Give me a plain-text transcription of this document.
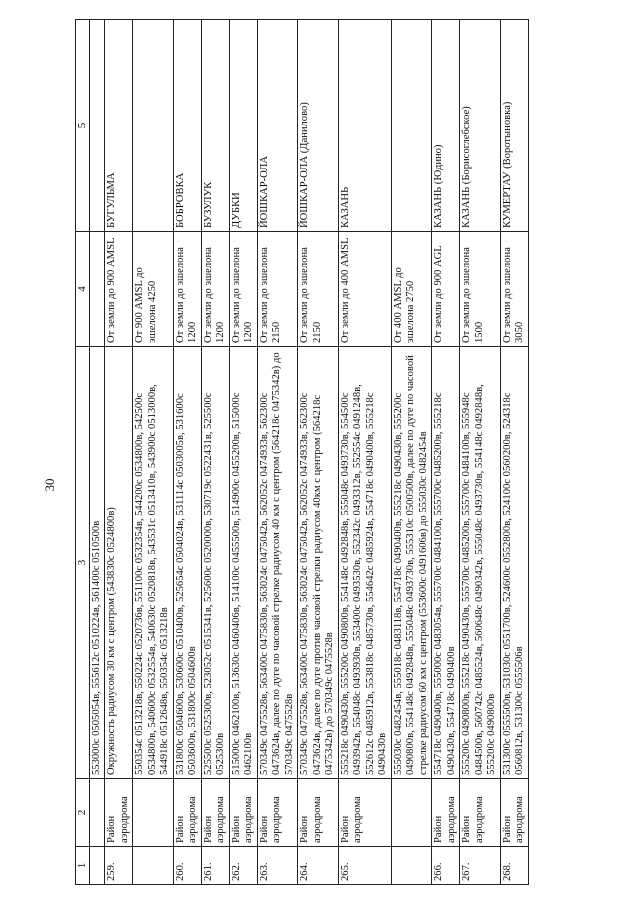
30
1	2	3	4	5
		553000с 0505054в, 555612с 0510224в, 561400с 0510500в		
259.	Район аэродрома	Окружность радиусом 30 км с центром (543830с 0524800в)	От земли до 900 AMSL	БУГУЛЬМА
		550354с 0513218в, 550224с 0520736в, 551100с 0532354в, 544200с 0534800в, 542500с 0534800в, 540600с 0532554в, 540630с 0520818в, 543531с 0513410в, 543900с 0513000в, 544918с 0512648в, 550354с 0513218в	От 900 AMSL до эшелона 4250	
260.	Район аэродрома	531800с 0504600в, 530600с 0510400в, 525654с 0504024в, 531114с 0503005в, 531600с 0503600в, 531800с 0504600в	От земли до эшелона 1200	БОБРОВКА
261.	Район аэродрома	525500с 0525300в, 523052с 0515341в, 525600с 0520000в, 530719с 0522431в, 525500с 0525300в	От земли до эшелона 1200	БУЗУЛУК
262.	Район аэродрома	515000с 0462100в, 513630с 0460406в, 514100с 0455500в, 514900с 0455200в, 515000с 0462100в	От земли до эшелона 1200	ДУБКИ
263.	Район аэродрома	570349с 0475528в, 563400с 0475830в, 563024с 0475042в, 562052с 0474933в, 562300с 0473624в, далее по дуге по часовой стрелке радиусом 40 км с центром (564218с 0475342в) до 570349с 0475528в	От земли до эшелона 2150	ЙОШКАР-ОЛА
264.	Район аэродрома	570349с 0475528в, 563400с 0475830в, 563024с 0475042в, 562052с 0474933в, 562300с 0473624в, далее по дуге против часовой стрелки радиусом 40км с центром (564218с 0475342в) до 570349с 0475528в	От земли до эшелона 2150	ЙОШКАР-ОЛА (Данилово)
265.	Район аэродрома	555218с 0490430в, 555200с 0490800в, 554148с 0492848в, 555048с 0493730в, 554500с 0493942в, 554048с 0493930в, 553400с 0493530в, 552342с 0493312в, 552554с 0491248в, 552612с 0485912в, 553818с 0485730в, 554642с 0485924в, 554718с 0490400в, 555218с 0490430в	От земли до 400 AMSL	КАЗАНЬ
		555030с 0482454в, 555018с 0483118в, 554718с 0490400в, 555218с 0490430в, 555200с 0490800в, 554148с 0492848в, 555048с 0493730в, 555310с 0500500в, далее по дуге по часовой стрелке радиусом 60 км с центром (553600с 0491606в) до 555030с 0482454в	От 400 AMSL до эшелона 2750	
266.	Район аэродрома	554718с 0490400в, 555000с 0483054в, 555700с 0484100в, 555700с 0485200в, 555218с 0490430в, 554718с 0490400в	От земли до 900 AGL	КАЗАНЬ (Юдино)
267.	Район аэродрома	555200с 0490800в, 555218с 0490430в, 555700с 0485200в, 555700с 0484100в, 555948с 0484500в, 560742с 0485524в, 560648с 0490342в, 555048с 0493730в, 554148с 0492848в, 555200с 0490800в	От земли до эшелона 1500	КАЗАНЬ (Борисоглебское)
268.	Район аэродрома	531300с 0555500в, 531030с 0551700в, 524600с 0552800в, 524100с 0560200в, 524318с 0560812в, 531300с 0555506в	От земли до эшелона 3050	КУМЕРТАУ (Воротыновка)
